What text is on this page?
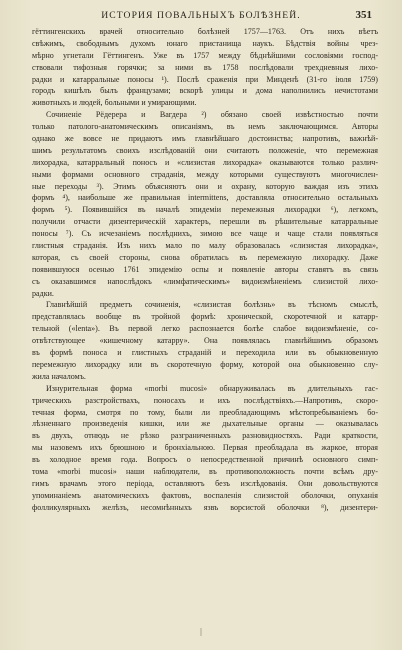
ИСТОРИЯ ПОВАЛЬНЫХЪ БОЛѢЗНЕЙ.	351
гёттингенскихъ врачей относительно болѣзней 1757—1763. Отъ нихъ вѣетъ
свѣжимъ, свободнымъ духомъ юнаго пристанища наукъ. Бѣдствія войны чрез-
мѣрно угнетали Гёттингенъ. Уже въ 1757 между бѣднѣйшими сословіями господ-
ствовали тифозныя горячки; за ними въ 1758 послѣдовали трехдневныя лихо-
радки и катарральные поносы ¹). Послѣ сраженія при Минденѣ (31-го іюля 1759)
городъ кишѣлъ былъ французами; вскорѣ улицы и дома наполнились нечистотами
животныхъ и людей, больными и умирающими.
Сочиненіе Рёдерера и Вагдера ²) обязано своей извѣстностью почти
только патолого-анатомическимъ описаніямъ, въ немъ заключающимся. Авторы
однако же вовсе не придаютъ имъ главнѣйшаго достоинства; напротивъ, важнѣй-
шимъ результатомъ своихъ изслѣдованій они считаютъ положеніе, что перемежная
лихорадка, катарральный поносъ и «слизистая лихорадка» оказываются только различ-
ными формами основного страданія, между которыми существуютъ многочислен-
ные переходы ³). Этимъ объясняютъ они и охрану, которую важдая изъ этихъ
формъ ⁴), наибольше же правильная intermittens, доставляла относительно остальныхъ
формъ ⁵). Появившійся въ началѣ эпидеміи перемежныя лихорадки ⁶), легкомъ,
получили отчасти дизентерическій характеръ, перешли въ рѣшительные катарральные
поносы ⁷). Съ исчезаніемъ послѣднихъ, зимою все чаще и чаще стали появляться
глистныя страданія. Изъ нихъ мало по малу образовалась «слизистая лихорадка»,
которая, съ своей стороны, снова обратилась въ перемежную лихорадку. Даже
появившуюся осенью 1761 эпидемію оспы и появленіе авторы ставятъ въ связь
съ оказавшимся напослѣдокъ «лимфатическимъ» видоизмѣненіемъ слизистой лихо-
радки.
Главнѣйшій предметъ сочиненія, «слизистая болѣзнь» въ тѣсномъ смыслѣ,
представлялась вообще въ тройной формѣ: хронической, скоротечной и катарр-
тельной («lenta»). Въ первой легко распознается болѣе слабое видоизмѣненіе, со-
отвѣтствующее «кишечному катарру». Она появлялась главнѣйшимъ образомъ
въ формѣ поноса и глистныхъ страданій и переходила или въ обыкновенную
перемежную лихорадку или въ скоротечную форму, которой она обыкновенно слу-
жила началомъ.
Изнурительная форма «morbi mucosi» обнаруживалась въ длительныхъ гас-
трическихъ разстройствахъ, поносахъ и ихъ послѣдствіяхъ.—Напротивъ, скоро-
течная форма, смотря по тому, были ли преобладающимъ мѣстопребываніемъ бо-
лѣзненнаго произведенія кишки, или же дыхательные органы — оказывалась
въ двухъ, отнюдь не рѣзко разграниченныхъ разновидностяхъ. Ради краткости,
мы назовемъ ихъ брюшною и бронхіальною. Первая преобладала въ жаркое, вторая
въ холодное время года. Вопросъ о непосредственной причинѣ основного симп-
тома «morbi mucosi» наши наблюдатели, въ противоположность почти всѣмъ дру-
гимъ врачамъ этого періода, оставляютъ безъ изслѣдованія. Они довольствуются
упоминаніемъ анатомическихъ фактовъ, воспаленія слизистой оболочки, опуханія
фолликулярныхъ желѣзъ, несомнѣнныхъ язвъ ворсистой оболочки ⁸), дизентери-
